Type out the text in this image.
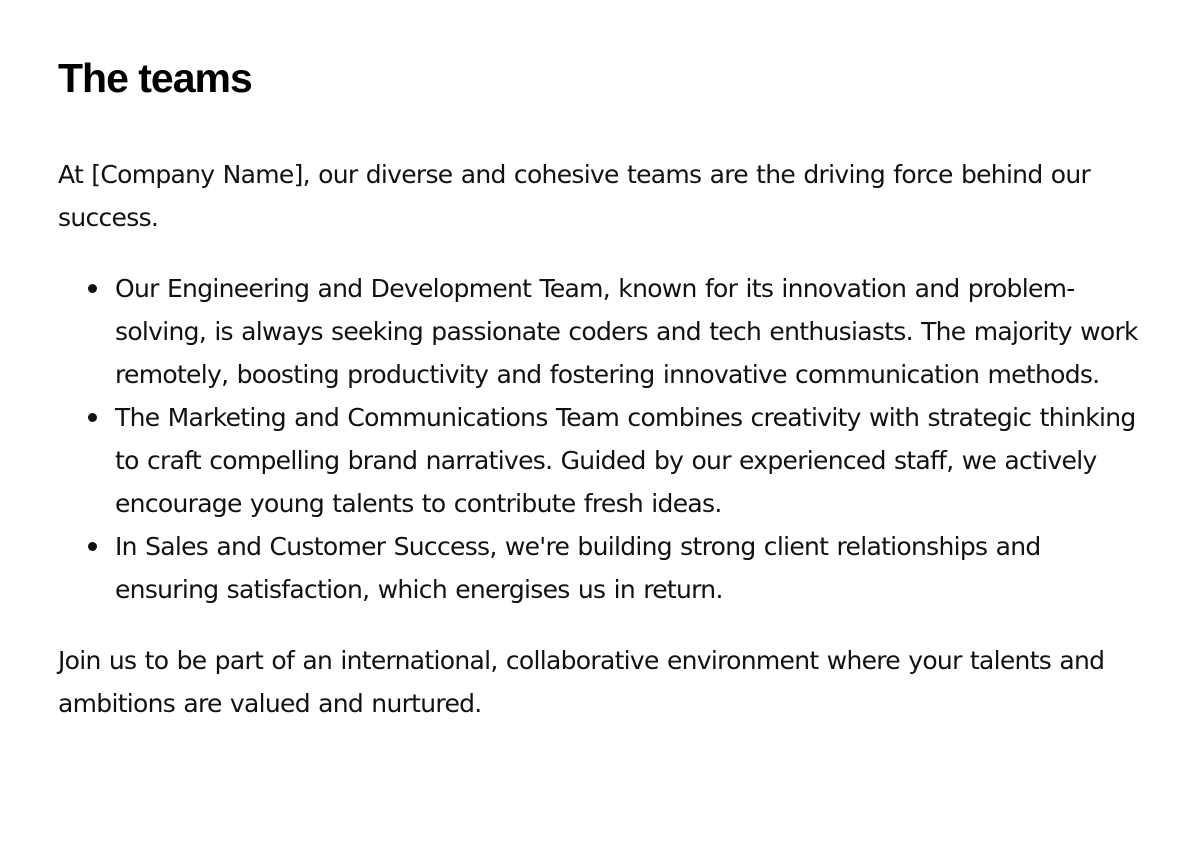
The teams

At [Company Name], our diverse and cohesive teams are the driving force behind our success.

Our Engineering and Development Team, known for its innovation and problem-solving, is always seeking passionate coders and tech enthusiasts. The majority work remotely, boosting productivity and fostering innovative communication methods.
The Marketing and Communications Team combines creativity with strategic thinking to craft compelling brand narratives. Guided by our experienced staff, we actively encourage young talents to contribute fresh ideas.
In Sales and Customer Success, we're building strong client relationships and ensuring satisfaction, which energises us in return.

Join us to be part of an international, collaborative environment where your talents and ambitions are valued and nurtured.
